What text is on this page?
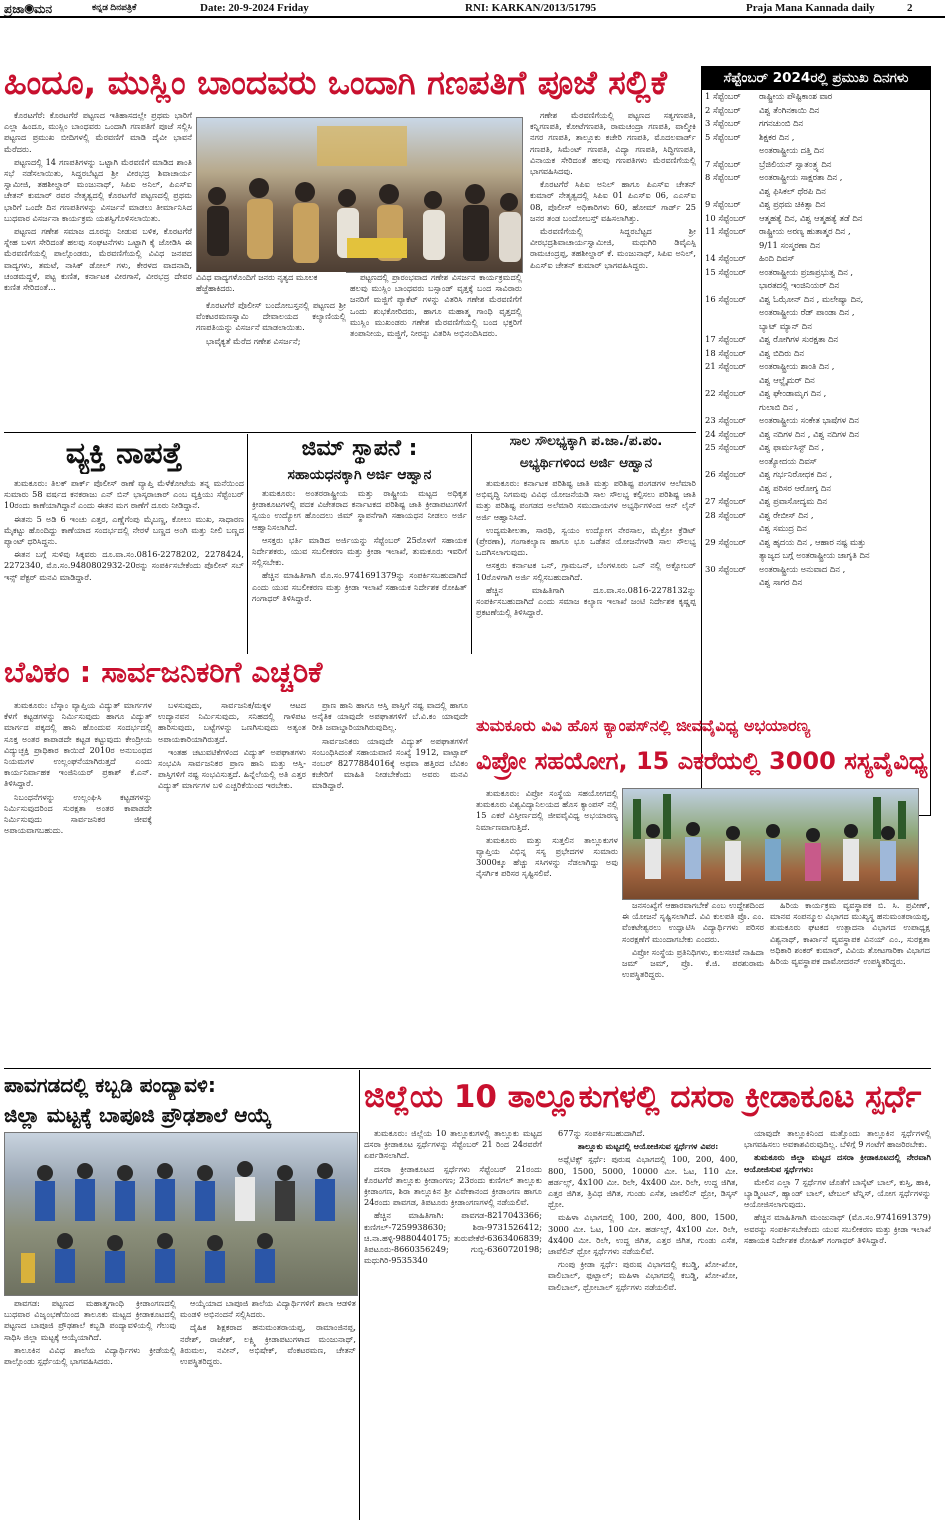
ಪ್ರಜಾ◉ಮನ	ಕನ್ನಡ ದಿನಪತ್ರಿಕೆ	Date: 20-9-2024 Friday	RNI: KARKAN/2013/51795	Praja Mana Kannada daily	2
ಹಿಂದೂ, ಮುಸ್ಲಿಂ ಬಾಂದವರು ಒಂದಾಗಿ ಗಣಪತಿಗೆ ಪೂಜೆ ಸಲ್ಲಿಕೆ

ಕೊರಟಗೆರೆ: ಕೊರಟಗೆರೆ ಪಟ್ಟಣದ ಇತಿಹಾಸದಲ್ಲೇ ಪ್ರಥಮ ಭಾರಿಗೆ ಎಲ್ಲಾ ಹಿಂದೂ, ಮುಸ್ಲಿಂ ಬಾಂಧವರು ಒಂದಾಗಿ ಗಣಪತಿಗೆ ಪೂಜೆ ಸಲ್ಲಿಸಿ ಪಟ್ಟಣದ ಪ್ರಮುಖ ಬೀದಿಗಳಲ್ಲಿ ಮೆರವಣಿಗೆ ಮಾಡಿ ದೈವೀ ಭಾವನೆ ಮೆರೆದರು.

ಪಟ್ಟಣದಲ್ಲಿ 14 ಗಣಪತಿಗಳನ್ನು ಒಟ್ಟಾಗಿ ಮೆರವಣಿಗೆ ಮಾಡಿದ ಶಾಂತಿ ಸಭೆ ನಡೆಸಲಾಯಿತು, ಸಿದ್ದರಬೆಟ್ಟದ ಶ್ರೀ ವೀರಭದ್ರ ಶಿವಾಚಾರ್ಯ ಸ್ವಾಮೀಜಿ, ತಹಶೀಲ್ದಾರ್ ಮಂಜುನಾಥ್, ಸಿಪಿಐ ಅನಿಲ್, ಪಿಎಸ್ಐ ಚೇತನ್ ಕುಮಾರ್ ರವರ ನೇತೃತ್ವದಲ್ಲಿ ಕೊರಟಗೆರೆ ಪಟ್ಟಣದಲ್ಲಿ ಪ್ರಥಮ ಭಾರಿಗೆ ಒಂದೇ ದಿನ ಗಣಪತಿಗಳನ್ನು ವಿಸರ್ಜನೆ ಮಾಡಲು ತೀರ್ಮಾನಿಸಿದ ಬುಧವಾರ ವಿಸರ್ಜನಾ ಕಾರ್ಯಕ್ರಮ ಯಶಸ್ವಿಗೊಳಿಸಲಾಯಿತು.

ಪಟ್ಟಣದ ಗಣೇಶ ಸಮಾಜ ದೂರನ್ನು ನೀಡುವ ಬಳಿಕ, ಕೊರಟಗೆರೆ ಸ್ನೇಹ ಬಳಗ ಸೇರಿದಂತೆ ಹಲವು ಸಂಘಟನೆಗಳು ಒಟ್ಟಾಗಿ ಕೈ ಜೋಡಿಸಿ ಈ ಮೆರವಣಿಗೆಯಲ್ಲಿ ಪಾಲ್ಗೊಂಡರು, ಮೆರವಣಿಗೆಯಲ್ಲಿ ವಿವಿಧ ಜನಪದ ವಾದ್ಯಗಳು, ತಮಟೆ, ನಾಸಿಕ್ ಡೋಲ್ ಗಳು, ಕೇರಳದ ವಾದನಾದಿ, ಚಂಡಮದ್ದಳೆ, ಪಟ್ಟ ಕುಣಿತ, ಕರ್ನಾಟಕ ವೀರಗಾಸೆ, ವೀರಭದ್ರ ದೇವರ ಕುಣಿತ ಸೇರಿದಂತೆ...

ವಿವಿಧ ವಾದ್ಯಗಳೊಂದಿಗೆ ಜನರು ನೃತ್ಯದ ಮೂಲಕ ಹೆಜ್ಜೆಹಾಕಿದರು.

ಕೊರಟಗೆರೆ ಪೊಲೀಸ್ ಬಂದೋಬಸ್ತನಲ್ಲಿ ಪಟ್ಟಣದ ಶ್ರೀ ವೆಂಕಟರಮಣಸ್ವಾಮಿ ದೇವಾಲಯದ ಕಲ್ಯಾಣಿಯಲ್ಲಿ ಗಣಪತಿಯನ್ನು ವಿಸರ್ಜನೆ ಮಾಡಲಾಯಿತು.

ಭಾವೈಕ್ಯತೆ ಮೆರೆದ ಗಣೇಶ ವಿಸರ್ಜನೆ;

ಪಟ್ಟಣದಲ್ಲಿ ಪ್ರಾರಂಭವಾದ ಗಣೇಶ ವಿಸರ್ಜನ ಕಾರ್ಯಕ್ರಮದಲ್ಲಿ ಹಲವು ಮುಸ್ಲಿಂ ಬಾಂಧವರು ಬಸ್ಸಾಂಡ್ ವೃತ್ತಕ್ಕೆ ಬಂದ ಸಾವಿರಾರು ಜನರಿಗೆ ಮಜ್ಜಿಗೆ ಪ್ಯಾಕೆಟ್ ಗಳನ್ನು ವಿತರಿಸಿ ಗಣೇಶ ಮೆರವಣಿಗೆಗೆ ಒಂದು ಶುಭಕೋರಿದರು, ಹಾಗೂ ಮಹಾತ್ಮ ಗಾಂಧಿ ವೃತ್ತದಲ್ಲಿ ಮುಸ್ಲಿಂ ಮುಖಂಡರು ಗಣೇಶ ಮೆರವಣಿಗೆಯಲ್ಲಿ ಬಂದ ಭಕ್ತರಿಗೆ ತಂಪಾನೀಯ, ಮಜ್ಜಿಗೆ, ನೀರನ್ನು ವಿತರಿಸಿ ಅಭಿನಂದಿಸಿದರು.

ಗಣೇಶ ಮೆರವಣಿಗೆಯಲ್ಲಿ ಪಟ್ಟಣದ ಸತ್ಯಗಣಪತಿ, ಕನ್ನಿಗಣಪತಿ, ಕೋಟೆಗಣಪತಿ, ರಾಮಚಂದ್ರಾ ಗಣಪತಿ, ವಾಲ್ಮೀಕಿ ನಗರ ಗಣಪತಿ, ತಾಲ್ಲೂಕು ಕಚೇರಿ ಗಣಪತಿ, ಮೊದಲವಾರ್ಡ್ ಗಣಪತಿ, ಸಿಮೆಂಟ್ ಗಣಪತಿ, ವಿದ್ಯಾ ಗಣಪತಿ, ಸಿದ್ಧಿಗಣಪತಿ, ವಿನಾಯಕ ಸೇರಿದಂತೆ ಹಲವು ಗಣಪತಿಗಳು ಮೆರವಣಿಗೆಯಲ್ಲಿ ಭಾಗವಹಿಸಿದವು.

ಕೊರಟಗೆರೆ ಸಿಪಿಐ ಅನಿಲ್ ಹಾಗೂ ಪಿಎಸ್ಐ ಚೇತನ್ ಕುಮಾರ್ ನೇತೃತ್ವದಲ್ಲಿ ಸಿಪಿಐ 01 ಪಿಎಸ್ಐ 06, ಎಎಸ್ಐ 08, ಪೊಲೀಸ್ ಅಧಿಕಾರಿಗಳು 60, ಹೋಮ್ ಗಾರ್ಡ್ 25 ಜನರ ತಂಡ ಬಂದೋಬಸ್ತ್ ವಹಿಸಲಾಗಿತ್ತು.

ಮೆರವಣಿಗೆಯಲ್ಲಿ ಸಿದ್ದರಬೆಟ್ಟದ ಶ್ರೀ ವೀರಭದ್ರಶಿವಾಚಾರ್ಯಸ್ವಾಮೀಜಿ, ಮಧುಗಿರಿ ಡಿವೈಎಸ್ಪಿ ರಾಮಚಂದ್ರಪ್ಪ, ತಹಶೀಲ್ದಾರ್ ಕೆ. ಮಂಜುನಾಥ್, ಸಿಪಿಐ ಅನಿಲ್, ಪಿಎಸ್ಐ ಚೇತನ್ ಕುಮಾರ್ ಭಾಗವಹಿಸಿದ್ದರು.

ವ್ಯಕ್ತಿ ನಾಪತ್ತೆ

ತುಮಕೂರು: ತಿಲಕ್ ಪಾರ್ಕ್ ಪೊಲೀಸ್ ಠಾಣೆ ವ್ಯಾಪ್ತಿ ಮೆಳೆಕೋಟೆಯ ತನ್ನ ಮನೆಯಿಂದ ಸುಮಾರು 58 ವರ್ಷದ ಕನಕರಾಜು ಎನ್ ಬಿನ್ ಭಾಸ್ಕರಾಚಾರ್ ಎಂಬ ವ್ಯಕ್ತಿಯು ಸೆಪ್ಟೆಂಬರ್ 10ರಂದು ಕಾಣೆಯಾಗಿದ್ದಾನೆ ಎಂದು ಈತನ ಮಗ ಠಾಣೆಗೆ ದೂರು ನೀಡಿದ್ದಾನೆ.

ಈತನು 5 ಅಡಿ 6 ಇಂಚು ಎತ್ತರ, ಎಣ್ಣೆಗೆಂಪು ಮೈಬಣ್ಣ, ಕೋಲು ಮುಖ, ಸಾಧಾರಣ ಮೈಕಟ್ಟು ಹೊಂದಿದ್ದು ಕಾಣೆಯಾದ ಸಂದರ್ಭದಲ್ಲಿ ನೇರಳೆ ಬಣ್ಣದ ಅಂಗಿ ಮತ್ತು ನೀಲಿ ಬಣ್ಣದ ಪ್ಯಾಂಟ್ ಧರಿಸಿದ್ದನು.

ಈತನ ಬಗ್ಗೆ ಸುಳಿವು ಸಿಕ್ಕವರು ದೂ.ವಾ.ಸಂ.0816-2278202, 2278424, 2272340, ಮೊ.ಸಂ.9480802932-20ರನ್ನು ಸಂಪರ್ಕಿಸಬೇಕೆಂದು ಪೊಲೀಸ್ ಸಬ್ ಇನ್ಸ್ ಪೆಕ್ಟರ್ ಮನವಿ ಮಾಡಿದ್ದಾರೆ.

ಜಿಮ್ ಸ್ಥಾಪನೆ :
ಸಹಾಯಧನಕ್ಕಾಗಿ ಅರ್ಜಿ ಆಹ್ವಾನ

ತುಮಕೂರು: ಅಂತರರಾಷ್ಟ್ರೀಯ ಮತ್ತು ರಾಷ್ಟ್ರೀಯ ಮಟ್ಟದ ಅಧಿಕೃತ ಕ್ರೀಡಾಕೂಟಗಳಲ್ಲಿ ಪದಕ ವಿಜೇತರಾದ ಕರ್ನಾಟಕದ ಪರಿಶಿಷ್ಟ ಜಾತಿ ಕ್ರೀಡಾಪಟುಗಳಿಗೆ ಸ್ವಯಂ ಉದ್ಯೋಗ ಹೊಂದಲು ಜಿಮ್ ಸ್ಥಾಪನೆಗಾಗಿ ಸಹಾಯಧನ ನೀಡಲು ಅರ್ಜಿ ಆಹ್ವಾನಿಸಲಾಗಿದೆ.

ಆಸಕ್ತರು ಭರ್ತಿ ಮಾಡಿದ ಅರ್ಜಿಯನ್ನು ಸೆಪ್ಟೆಂಬರ್ 25ರೊಳಗೆ ಸಹಾಯಕ ನಿರ್ದೇಶಕರು, ಯುವ ಸಬಲೀಕರಣ ಮತ್ತು ಕ್ರೀಡಾ ಇಲಾಖೆ, ತುಮಕೂರು ಇವರಿಗೆ ಸಲ್ಲಿಸಬೇಕು.

ಹೆಚ್ಚಿನ ಮಾಹಿತಿಗಾಗಿ ಮೊ.ಸಂ.9741691379ನ್ನು ಸಂಪರ್ಕಿಸಬಹುದಾಗಿದೆ ಎಂದು ಯುವ ಸಬಲೀಕರಣ ಮತ್ತು ಕ್ರೀಡಾ ಇಲಾಖೆ ಸಹಾಯಕ ನಿರ್ದೇಶಕ ರೋಹಿತ್ ಗಂಗಾಧರ್ ತಿಳಿಸಿದ್ದಾರೆ.

ಸಾಲ ಸೌಲಭ್ಯಕ್ಕಾಗಿ ಪ.ಜಾ./ಪ.ಪಂ.
ಅಭ್ಯರ್ಥಿಗಳಿಂದ ಅರ್ಜಿ ಆಹ್ವಾನ

ತುಮಕೂರು: ಕರ್ನಾಟಕ ಪರಿಶಿಷ್ಟ ಜಾತಿ ಮತ್ತು ಪರಿಶಿಷ್ಟ ಪಂಗಡಗಳ ಆಲೆಮಾರಿ ಅಭಿವೃದ್ಧಿ ನಿಗಮವು ವಿವಿಧ ಯೋಜನೆಯಡಿ ಸಾಲ ಸೌಲಭ್ಯ ಕಲ್ಪಿಸಲು ಪರಿಶಿಷ್ಟ ಜಾತಿ ಮತ್ತು ಪರಿಶಿಷ್ಟ ಪಂಗಡದ ಅಲೆಮಾರಿ ಸಮುದಾಯಗಳ ಅಭ್ಯರ್ಥಿಗಳಿಂದ ಆನ್ ಲೈನ್ ಅರ್ಜಿ ಆಹ್ವಾನಿಸಿದೆ.

ಉದ್ಯಮಶೀಲತಾ, ಸಾರಥಿ, ಸ್ವಯಂ ಉದ್ಯೋಗ ನೇರಸಾಲ, ಮೈಕ್ರೋ ಕ್ರೆಡಿಟ್ (ಪ್ರೇರಣಾ), ಗಂಗಾಕಲ್ಯಾಣ ಹಾಗೂ ಭೂ ಒಡೆತನ ಯೋಜನೆಗಳಡಿ ಸಾಲ ಸೌಲಭ್ಯ ಒದಗಿಸಲಾಗುವುದು.

ಆಸಕ್ತರು ಕರ್ನಾಟಕ ಒನ್, ಗ್ರಾಮಒನ್, ಬೆಂಗಳೂರು ಒನ್ ನಲ್ಲಿ ಅಕ್ಟೋಬರ್ 10ರೊಳಗಾಗಿ ಅರ್ಜಿ ಸಲ್ಲಿಸಬಹುದಾಗಿದೆ.

ಹೆಚ್ಚಿನ ಮಾಹಿತಿಗಾಗಿ ದೂ.ವಾ.ಸಂ.0816-2278132ನ್ನು ಸಂಪರ್ಕಿಸಬಹುದಾಗಿದೆ ಎಂದು ಸಮಾಜ ಕಲ್ಯಾಣ ಇಲಾಖೆ ಜಂಟಿ ನಿರ್ದೇಶಕ ಕೃಷ್ಣಪ್ಪ ಪ್ರಕಟಣೆಯಲ್ಲಿ ತಿಳಿಸಿದ್ದಾರೆ.

ಬೆವಿಕಂ : ಸಾರ್ವಜನಿಕರಿಗೆ ಎಚ್ಚರಿಕೆ

ತುಮಕೂರು: ಬೆಸ್ಕಾಂ ವ್ಯಾಪ್ತಿಯ ವಿದ್ಯುತ್ ಮಾರ್ಗಗಳ ಕೆಳಗೆ ಕಟ್ಟಡಗಳನ್ನು ನಿರ್ಮಿಸುವುದು ಹಾಗೂ ವಿದ್ಯುತ್ ಮಾರ್ಗದ ಪಕ್ಕದಲ್ಲಿ ಹಾನಿ ಹೊಂದುವ ಸಂದರ್ಭದಲ್ಲಿ ಸೂಕ್ತ ಅಂತರ ಕಾಪಾಡದೇ ಕಟ್ಟಡ ಕಟ್ಟುವುದು ಕೇಂದ್ರೀಯ ವಿದ್ಯುಚ್ಛಕ್ತಿ ಪ್ರಾಧಿಕಾರ ಕಾಯಿದೆ 2010ರ ಅನುಬಂಧದ ನಿಯಮಗಳ ಉಲ್ಲಂಘನೆಯಾಗಿರುತ್ತದೆ ಎಂದು ಕಾರ್ಯನಿರ್ವಾಹಕ ಇಂಜಿನಿಯರ್ ಪ್ರಕಾಶ್ ಕೆ.ಎನ್. ತಿಳಿಸಿದ್ದಾರೆ.

ನಿಬಂಧನೆಗಳನ್ನು ಉಲ್ಲಂಘಿಸಿ ಕಟ್ಟಡಗಳನ್ನು ನಿರ್ಮಿಸುವುದರಿಂದ ಸುರಕ್ಷತಾ ಅಂತರ ಕಾಪಾಡದೇ ನಿರ್ಮಿಸುವುದು ಸಾರ್ವಜನಿಕರ ಜೀವಕ್ಕೆ ಅಪಾಯವಾಗಬಹುದು.

ಬಳಸುವುದು, ಸಾರ್ವಜನಿಕ/ಮಕ್ಕಳ ಆಟದ ಉದ್ಯಾನವನ ನಿರ್ಮಿಸುವುದು, ಸನಿಹದಲ್ಲಿ ಗಾಳಿಪಟ ಹಾರಿಸುವುದು, ಬಟ್ಟೆಗಳನ್ನು ಒಣಗಿಸುವುದು ಅತ್ಯಂತ ಅಪಾಯಕಾರಿಯಾಗಿರುತ್ತದೆ.

ಇಂತಹ ಚಟುವಟಿಕೆಗಳಿಂದ ವಿದ್ಯುತ್ ಅಪಘಾತಗಳು ಸಂಭವಿಸಿ ಸಾರ್ವಜನಿಕರ ಪ್ರಾಣ ಹಾನಿ ಮತ್ತು ಆಸ್ತಿ-ಪಾಸ್ತಿಗಳಿಗೆ ನಷ್ಟ ಸಂಭವಿಸುತ್ತದೆ. ಹಿನ್ನೆಲೆಯಲ್ಲಿ ಅತಿ ಎತ್ತರ ವಿದ್ಯುತ್ ಮಾರ್ಗಗಳ ಬಳಿ ಎಚ್ಚರಿಕೆಯಿಂದ ಇರಬೇಕು.

ಪ್ರಾಣ ಹಾನಿ ಹಾಗೂ ಆಸ್ತಿ ಪಾಸ್ತಿಗೆ ನಷ್ಟ ವಾದಲ್ಲಿ ಹಾಗೂ ಅನೈತಿಕ ಯಾವುದೇ ಅಪಘಾತಗಳಿಗೆ ಬೆ.ವಿ.ಕಂ ಯಾವುದೇ ರೀತಿ ಜವಾಬ್ದಾರಿಯಾಗಿರುವುದಿಲ್ಲ.

ಸಾರ್ವಜನಿಕರು ಯಾವುದೇ ವಿದ್ಯುತ್ ಅಪಘಾತಗಳಿಗೆ ಸಂಬಂಧಿಸಿದಂತೆ ಸಹಾಯವಾಣಿ ಸಂಖ್ಯೆ 1912, ವಾಟ್ಸಾಪ್ ನಂಬರ್ 8277884016ಕ್ಕೆ ಅಥವಾ ಹತ್ತಿರದ ಬೆವಿಕಂ ಕಚೇರಿಗೆ ಮಾಹಿತಿ ನೀಡಬೇಕೆಂದು ಅವರು ಮನವಿ ಮಾಡಿದ್ದಾರೆ.

ಸೆಪ್ಟೆಂಬರ್ 2024ರಲ್ಲಿ ಪ್ರಮುಖ ದಿನಗಳು
1 ಸೆಪ್ಟೆಂಬರ್	ರಾಷ್ಟ್ರೀಯ ಪೌಷ್ಟಿಕಾಂಶ ವಾರ
2 ಸೆಪ್ಟೆಂಬರ್	ವಿಶ್ವ ತೆಂಗಿನಕಾಯಿ ದಿನ
3 ಸೆಪ್ಟೆಂಬರ್	ಗಗನಚುಂಬಿ ದಿನ
5 ಸೆಪ್ಟೆಂಬರ್	ಶಿಕ್ಷಕರ ದಿನ ,
ಅಂತರಾಷ್ಟ್ರೀಯ ದತ್ತಿ ದಿನ
7 ಸೆಪ್ಟೆಂಬರ್	ಬ್ರೆಜಿಲಿಯನ್ ಸ್ವಾತಂತ್ರ್ಯ ದಿನ
8 ಸೆಪ್ಟೆಂಬರ್	ಅಂತರಾಷ್ಟ್ರೀಯ ಸಾಕ್ಷರತಾ ದಿನ ,
ವಿಶ್ವ ಫಿಸಿಕಲ್ ಥೆರಪಿ ದಿನ
9 ಸೆಪ್ಟೆಂಬರ್	ವಿಶ್ವ ಪ್ರಥಮ ಚಿಕಿತ್ಸಾ ದಿನ
10 ಸೆಪ್ಟೆಂಬರ್	ಆತ್ಮಹತ್ಯೆ ದಿನ, ವಿಶ್ವ ಆತ್ಮಹತ್ಯೆ ತಡೆ ದಿನ
11 ಸೆಪ್ಟೆಂಬರ್	ರಾಷ್ಟ್ರೀಯ ಅರಣ್ಯ ಹುತಾತ್ಮರ ದಿನ ,
9/11 ಸಂಸ್ಮರಣಾ ದಿನ
14 ಸೆಪ್ಟೆಂಬರ್	ಹಿಂದಿ ದಿವಸ್
15 ಸೆಪ್ಟೆಂಬರ್	ಅಂತರಾಷ್ಟ್ರೀಯ ಪ್ರಜಾಪ್ರಭುತ್ವ ದಿನ ,
ಭಾರತದಲ್ಲಿ ಇಂಜಿನಿಯರ್ ದಿನ
16 ಸೆಪ್ಟೆಂಬರ್	ವಿಶ್ವ ಓಝೋನ್ ದಿನ , ಮಲೇಷ್ಯಾ ದಿನ,
ಅಂತರಾಷ್ಟ್ರೀಯ ರೆಡ್ ಪಾಂಡಾ ದಿನ ,
ಬ್ಯಾಟ್ ಮ್ಯಾನ್ ದಿನ
17 ಸೆಪ್ಟೆಂಬರ್	ವಿಶ್ವ ರೋಗಿಗಳ ಸುರಕ್ಷತಾ ದಿನ
18 ಸೆಪ್ಟೆಂಬರ್	ವಿಶ್ವ ಬಿದಿರು ದಿನ
21 ಸೆಪ್ಟೆಂಬರ್	ಅಂತರಾಷ್ಟ್ರೀಯ ಶಾಂತಿ ದಿನ ,
ವಿಶ್ವ ಆಲ್ಝೈಮರ್ ದಿನ
22 ಸೆಪ್ಟೆಂಬರ್	ವಿಶ್ವ ಘೇಂಡಾಮೃಗ ದಿನ ,
ಗುಲಾಬಿ ದಿನ ,
23 ಸೆಪ್ಟೆಂಬರ್	ಅಂತರಾಷ್ಟ್ರೀಯ ಸಂಕೇತ ಭಾಷೆಗಳ ದಿನ
24 ಸೆಪ್ಟೆಂಬರ್	ವಿಶ್ವ ನದಿಗಳ ದಿನ , ವಿಶ್ವ ನದಿಗಳ ದಿನ
25 ಸೆಪ್ಟೆಂಬರ್	ವಿಶ್ವ ಫಾರ್ಮಸಿಸ್ಟ್ ದಿನ ,
ಅಂತ್ಯೋದಯ ದಿವಸ್
26 ಸೆಪ್ಟೆಂಬರ್	ವಿಶ್ವ ಗರ್ಭನಿರೋಧಕ ದಿನ ,
ವಿಶ್ವ ಪರಿಸರ ಆರೋಗ್ಯ ದಿನ
27 ಸೆಪ್ಟೆಂಬರ್	ವಿಶ್ವ ಪ್ರವಾಸೋದ್ಯಮ ದಿನ
28 ಸೆಪ್ಟೆಂಬರ್	ವಿಶ್ವ ರೇಬೀಸ್ ದಿನ ,
ವಿಶ್ವ ಸಮುದ್ರ ದಿನ
29 ಸೆಪ್ಟೆಂಬರ್	ವಿಶ್ವ ಹೃದಯ ದಿನ , ಆಹಾರ ನಷ್ಟ ಮತ್ತು
ತ್ಯಾಜ್ಯದ ಬಗ್ಗೆ ಅಂತರಾಷ್ಟ್ರೀಯ ಜಾಗೃತಿ ದಿನ
30 ಸೆಪ್ಟೆಂಬರ್	ಅಂತರಾಷ್ಟ್ರೀಯ ಅನುವಾದ ದಿನ ,
ವಿಶ್ವ ಸಾಗರ ದಿನ
ತುಮಕೂರು ವಿವಿ ಹೊಸ ಕ್ಯಾಂಪಸ್‌ನಲ್ಲಿ ಜೀವವೈವಿಧ್ಯ ಅಭಯಾರಣ್ಯ
ವಿಪ್ರೋ ಸಹಯೋಗ, 15 ಎಕರೆಯಲ್ಲಿ 3000 ಸಸ್ಯವೈವಿಧ್ಯ

ತುಮಕೂರು: ವಿಪ್ರೋ ಸಂಸ್ಥೆಯ ಸಹಯೋಗದಲ್ಲಿ ತುಮಕೂರು ವಿಶ್ವವಿದ್ಯಾನಿಲಯದ ಹೊಸ ಕ್ಯಾಂಪಸ್ ನಲ್ಲಿ 15 ಎಕರೆ ವಿಸ್ತೀರ್ಣದಲ್ಲಿ ಜೀವವೈವಿಧ್ಯ ಅಭಯಾರಣ್ಯ ನಿರ್ಮಾಣವಾಗುತ್ತಿದೆ.

ತುಮಕೂರು ಮತ್ತು ಸುತ್ತಲಿನ ತಾಲ್ಲೂಕುಗಳ ವ್ಯಾಪ್ತಿಯ ವಿಭಿನ್ನ ಸಸ್ಯ ಪ್ರಭೇದಗಳ ಸುಮಾರು 3000ಕ್ಕೂ ಹೆಚ್ಚು ಸಸಿಗಳನ್ನು ನೆಡಲಾಗಿದ್ದು ಅವು ನೈಸರ್ಗಿಕ ಪರಿಸರ ಸೃಷ್ಟಿಸಲಿವೆ.

ಜನಸಂಖ್ಯೆಗೆ ಆಹಾರವಾಗಬೇಕೆ ಎಂಬ ಉದ್ದೇಶದಿಂದ ಈ ಯೋಜನೆ ಸೃಷ್ಟಿಸಲಾಗಿದೆ. ವಿವಿ ಕುಲಪತಿ ಪ್ರೊ. ಎಂ. ವೆಂಕಟೇಶ್ವರಲು ಉದ್ಘಾಟಿಸಿ ವಿದ್ಯಾರ್ಥಿಗಳು ಪರಿಸರ ಸಂರಕ್ಷಣೆಗೆ ಮುಂದಾಗಬೇಕು ಎಂದರು.

ವಿಪ್ರೋ ಸಂಸ್ಥೆಯ ಪ್ರತಿನಿಧಿಗಳು, ಕುಲಸಚಿವೆ ನಾಹಿದಾ ಜಮ್ ಜಮ್, ಪ್ರೊ. ಕೆ.ಜಿ. ಪರಶುರಾಮ ಉಪಸ್ಥಿತರಿದ್ದರು.

ಹಿರಿಯ ಕಾರ್ಯಕ್ರಮ ವ್ಯವಸ್ಥಾಪಕ ಬಿ. ಸಿ. ಪ್ರವೀಣ್, ಮಾನವ ಸಂಪನ್ಮೂಲ ವಿಭಾಗದ ಮುಖ್ಯಸ್ಥ ಹನುಮಂತರಾಯಪ್ಪ, ತುಮಕೂರು ಘಟಕದ ಉತ್ಪಾದನಾ ವಿಭಾಗದ ಉಪಾಧ್ಯಕ್ಷ ವಿಶ್ವನಾಥ್, ಕಾರ್ಖಾನೆ ವ್ಯವಸ್ಥಾಪಕ ವಿನಯ್ ಎಂ., ಸುರಕ್ಷತಾ ಅಧಿಕಾರಿ ಶಂಕರ್ ಕುಮಾರ್, ವಿವಿಯ ತೋಟಗಾರಿಕಾ ವಿಭಾಗದ ಹಿರಿಯ ವ್ಯವಸ್ಥಾಪಕ ದಾಮೋದರನ್ ಉಪಸ್ಥಿತರಿದ್ದರು.

ಪಾವಗಡದಲ್ಲಿ ಕಬ್ಬಡಿ ಪಂದ್ಯಾವಳಿ:
ಜಿಲ್ಲಾ ಮಟ್ಟಕ್ಕೆ ಬಾಪೂಜಿ ಪ್ರೌಢಶಾಲೆ ಆಯ್ಕೆ

ಪಾವಗಡ: ಪಟ್ಟಣದ ಮಹಾತ್ಮಗಾಂಧಿ ಕ್ರೀಡಾಂಗಣದಲ್ಲಿ ಬುಧವಾರ ವಿಜೃಂಭಣೆಯಿಂದ ತಾಲೂಕು ಮಟ್ಟದ ಕ್ರೀಡಾಕೂಟದಲ್ಲಿ ಪಟ್ಟಣದ ಬಾಪೂಜಿ ಪ್ರೌಢಶಾಲೆ ಕಬ್ಬಡಿ ಪಂದ್ಯಾವಳಿಯಲ್ಲಿ ಗೆಲುವು ಸಾಧಿಸಿ ಜಿಲ್ಲಾ ಮಟ್ಟಕ್ಕೆ ಆಯ್ಕೆಯಾಗಿದೆ.

ತಾಲೂಕಿನ ವಿವಿಧ ಶಾಲೆಯ ವಿದ್ಯಾರ್ಥಿಗಳು ಕ್ರೀಡೆಯಲ್ಲಿ ಪಾಲ್ಗೊಂಡು ಸ್ಪರ್ಧೆಯಲ್ಲಿ ಭಾಗವಹಿಸಿದರು.

ಆಯ್ಕೆಯಾದ ಬಾಪೂಜಿ ಶಾಲೆಯ ವಿದ್ಯಾರ್ಥಿಗಳಿಗೆ ಶಾಲಾ ಆಡಳಿತ ಮಂಡಳಿ ಅಭಿನಂದನೆ ಸಲ್ಲಿಸಿದರು.

ದೈಹಿಕ ಶಿಕ್ಷಕರಾದ ಹನುಮಂತರಾಯಪ್ಪ, ರಾಮಾಂಜಿನಪ್ಪ, ನರೇಶ್, ರಾಜೇಶ್, ಲಕ್ಷ್ಮಿ ಕ್ರೀಡಾಪಟುಗಳಾದ ಮಂಜುನಾಥ್, ತಿರುಮಲ, ನವೀನ್, ಅಭಿಷೇಕ್, ವೆಂಕಟರಮಣ, ಚೇತನ್ ಉಪಸ್ಥಿತರಿದ್ದರು.

ಜಿಲ್ಲೆಯ 10 ತಾಲ್ಲೂಕುಗಳಲ್ಲಿ ದಸರಾ ಕ್ರೀಡಾಕೂಟ ಸ್ಪರ್ಧೆ

ತುಮಕೂರು: ಜಿಲ್ಲೆಯ 10 ತಾಲ್ಲೂಕುಗಳಲ್ಲಿ ತಾಲ್ಲೂಕು ಮಟ್ಟದ ದಸರಾ ಕ್ರೀಡಾಕೂಟ ಸ್ಪರ್ಧೆಗಳನ್ನು ಸೆಪ್ಟೆಂಬರ್ 21 ರಿಂದ 24ರವರೆಗೆ ಏರ್ಪಡಿಸಲಾಗಿದೆ.

ದಸರಾ ಕ್ರೀಡಾಕೂಟದ ಸ್ಪರ್ಧೆಗಳು ಸೆಪ್ಟೆಂಬರ್ 21ರಂದು ಕೊರಟಗೆರೆ ತಾಲ್ಲೂಕು ಕ್ರೀಡಾಂಗಣ; 23ರಂದು ಕುಣಿಗಲ್ ತಾಲ್ಲೂಕು ಕ್ರೀಡಾಂಗಣ, ಶಿರಾ ತಾಲ್ಲೂಕಿನ ಶ್ರೀ ವಿವೇಕಾನಂದ ಕ್ರೀಡಾಂಗಣ ಹಾಗೂ 24ರಂದು ಪಾವಗಡ, ತಿಪಟೂರು ಕ್ರೀಡಾಂಗಣಗಳಲ್ಲಿ ನಡೆಯಲಿವೆ.

ಹೆಚ್ಚಿನ ಮಾಹಿತಿಗಾಗಿ: ಪಾವಗಡ-8217043366; ಕುಣಿಗಲ್-7259938630; ಶಿರಾ-9731526412; ಚಿ.ನಾ.ಹಳ್ಳಿ-9880440175; ತುರುವೇಕೆರೆ-6363406839; ತಿಪಟೂರು-8660356249; ಗುಬ್ಬಿ-6360720198; ಮಧುಗಿರಿ-9535340

677ನ್ನು ಸಂಪರ್ಕಿಸಬಹುದಾಗಿದೆ.

ತಾಲ್ಲೂಕು ಮಟ್ಟದಲ್ಲಿ ಆಯೋಜಿಸುವ ಸ್ಪರ್ಧೆಗಳ ವಿವರ:

ಅಥ್ಲೆಟಿಕ್ಸ್ ಸ್ಪರ್ಧೆ: ಪುರುಷ ವಿಭಾಗದಲ್ಲಿ 100, 200, 400, 800, 1500, 5000, 10000 ಮೀ. ಓಟ, 110 ಮೀ. ಹರ್ಡಲ್ಸ್, 4x100 ಮೀ. ರಿಲೇ, 4x400 ಮೀ. ರಿಲೇ, ಉದ್ದ ಜಿಗಿತ, ಎತ್ತರ ಜಿಗಿತ, ತ್ರಿವಿಧ ಜಿಗಿತ, ಗುಂಡು ಎಸೆತ, ಜಾವೆಲಿನ್ ಥ್ರೋ, ಡಿಸ್ಕಸ್ ಥ್ರೋ.

ಮಹಿಳಾ ವಿಭಾಗದಲ್ಲಿ 100, 200, 400, 800, 1500, 3000 ಮೀ. ಓಟ, 100 ಮೀ. ಹರ್ಡಲ್ಸ್, 4x100 ಮೀ. ರಿಲೇ, 4x400 ಮೀ. ರಿಲೇ, ಉದ್ದ ಜಿಗಿತ, ಎತ್ತರ ಜಿಗಿತ, ಗುಂಡು ಎಸೆತ, ಜಾವೆಲಿನ್ ಥ್ರೋ ಸ್ಪರ್ಧೆಗಳು ನಡೆಯಲಿವೆ.

ಗುಂಪು ಕ್ರೀಡಾ ಸ್ಪರ್ಧೆ: ಪುರುಷ ವಿಭಾಗದಲ್ಲಿ ಕಬಡ್ಡಿ, ಖೋ-ಖೋ, ವಾಲಿಬಾಲ್, ಫುಟ್ಬಾಲ್; ಮಹಿಳಾ ವಿಭಾಗದಲ್ಲಿ ಕಬಡ್ಡಿ, ಖೋ-ಖೋ, ವಾಲಿಬಾಲ್, ಥ್ರೋಬಾಲ್ ಸ್ಪರ್ಧೆಗಳು ನಡೆಯಲಿವೆ.

ಯಾವುದೇ ತಾಲ್ಲೂಕಿನಿಂದ ಮತ್ತೊಂದು ತಾಲ್ಲೂಕಿನ ಸ್ಪರ್ಧೆಗಳಲ್ಲಿ ಭಾಗವಹಿಸಲು ಅವಕಾಶವಿರುವುದಿಲ್ಲ. ಬೆಳಿಗ್ಗೆ 9 ಗಂಟೆಗೆ ಹಾಜರಿರಬೇಕು.

ತುಮಕೂರು ಜಿಲ್ಲಾ ಮಟ್ಟದ ದಸರಾ ಕ್ರೀಡಾಕೂಟದಲ್ಲಿ ನೇರವಾಗಿ ಆಯೋಜಿಸುವ ಸ್ಪರ್ಧೆಗಳು:

ಮೇಲಿನ ಎಲ್ಲಾ 7 ಸ್ಪರ್ಧೆಗಳ ಜೊತೆಗೆ ಬಾಸ್ಕೆಟ್ ಬಾಲ್, ಕುಸ್ತಿ, ಹಾಕಿ, ಬ್ಯಾಡ್ಮಿಂಟನ್, ಹ್ಯಾಂಡ್ ಬಾಲ್, ಟೇಬಲ್ ಟೆನ್ನಿಸ್, ಯೋಗ ಸ್ಪರ್ಧೆಗಳನ್ನು ಆಯೋಜಿಸಲಾಗುವುದು.

ಹೆಚ್ಚಿನ ಮಾಹಿತಿಗಾಗಿ ಮಂಜುನಾಥ್ (ಮೊ.ಸಂ.9741691379) ಅವರನ್ನು ಸಂಪರ್ಕಿಸಬೇಕೆಂದು ಯುವ ಸಬಲೀಕರಣ ಮತ್ತು ಕ್ರೀಡಾ ಇಲಾಖೆ ಸಹಾಯಕ ನಿರ್ದೇಶಕ ರೋಹಿತ್ ಗಂಗಾಧರ್ ತಿಳಿಸಿದ್ದಾರೆ.
